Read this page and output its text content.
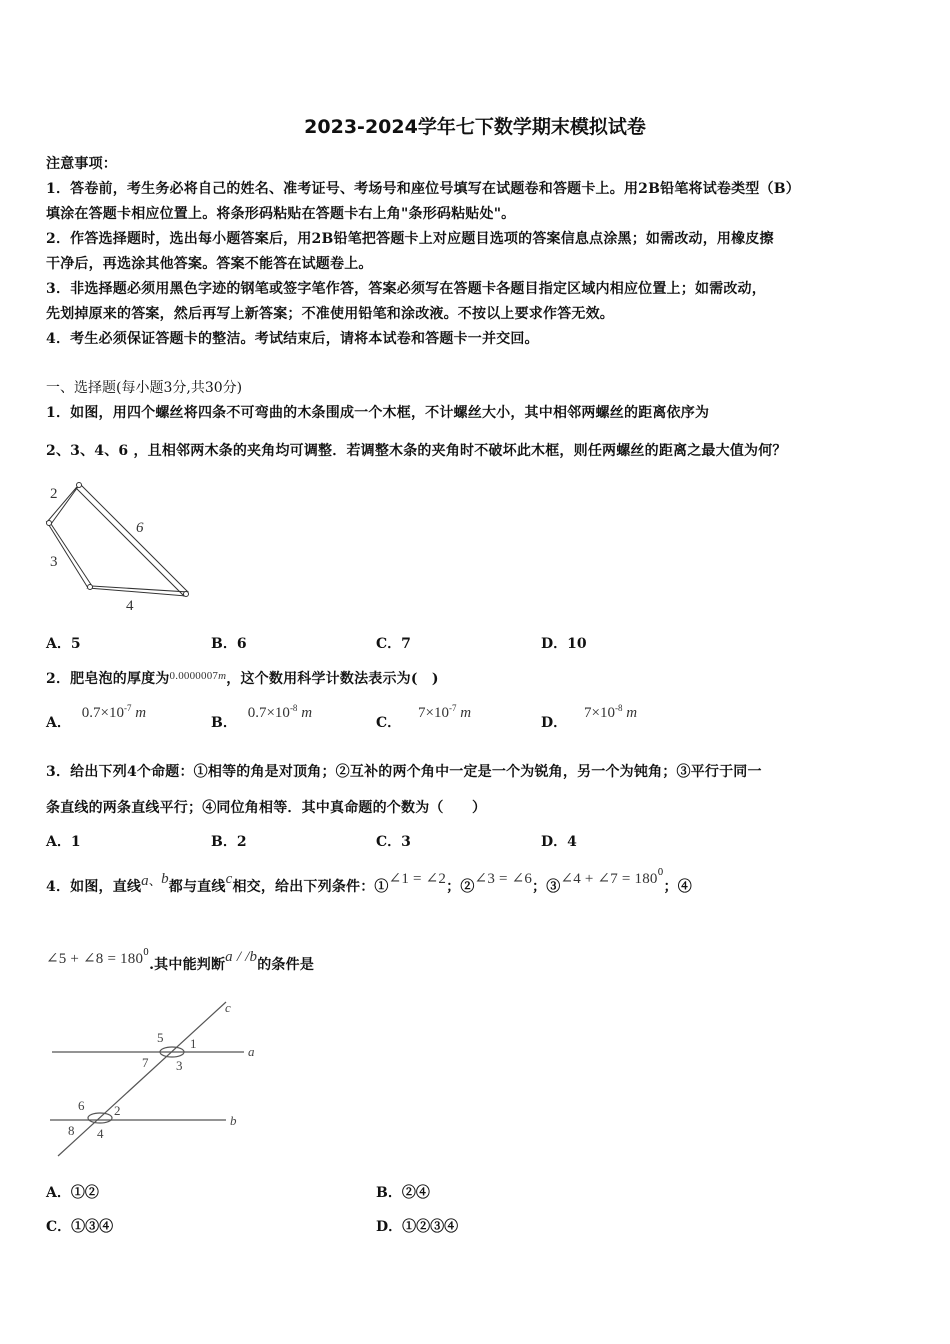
2023-2024学年七下数学期末模拟试卷
注意事项：
1．答卷前，考生务必将自己的姓名、准考证号、考场号和座位号填写在试题卷和答题卡上。用2B铅笔将试卷类型（B）
填涂在答题卡相应位置上。将条形码粘贴在答题卡右上角"条形码粘贴处"。
2．作答选择题时，选出每小题答案后，用2B铅笔把答题卡上对应题目选项的答案信息点涂黑；如需改动，用橡皮擦
干净后，再选涂其他答案。答案不能答在试题卷上。
3．非选择题必须用黑色字迹的钢笔或签字笔作答，答案必须写在答题卡各题目指定区域内相应位置上；如需改动，
先划掉原来的答案，然后再写上新答案；不准使用铅笔和涂改液。不按以上要求作答无效。
4．考生必须保证答题卡的整洁。考试结束后，请将本试卷和答题卡一并交回。
一、选择题(每小题3分,共30分)
1．如图，用四个螺丝将四条不可弯曲的木条围成一个木框，不计螺丝大小，其中相邻两螺丝的距离依序为
2、3、4、6 ，且相邻两木条的夹角均可调整．若调整木条的夹角时不破坏此木框，则任两螺丝的距离之最大值为何？
2
3
4
6
A．5	B．6	C．7	D．10
2．肥皂泡的厚度为$^{0.0000007m}$，这个数用科学计数法表示为(　)
A． $0.7\times 10^{-7}$ m
B． $0.7\times 10^{-8}$ m
C． $7\times 10^{-7}$ m
D． $7\times 10^{-8}$ m
3．给出下列4个命题：①相等的角是对顶角；②互补的两个角中一定是一个为锐角，另一个为钝角；③平行于同一
条直线的两条直线平行；④同位角相等．其中真命题的个数为（　　）
A．1	B．2	C．3	D．4
4．如图，直线a、b都与直线c相交，给出下列条件：①∠1 = ∠2；②∠3 = ∠6；③∠4 + ∠7 = $180^0$；④
∠5 + ∠8 = $180^0$.其中能判断a / /b的条件是
c
a
b
5 1
7 3
6 2
8 4
A．①②	B．②④
C．①③④	D．①②③④
